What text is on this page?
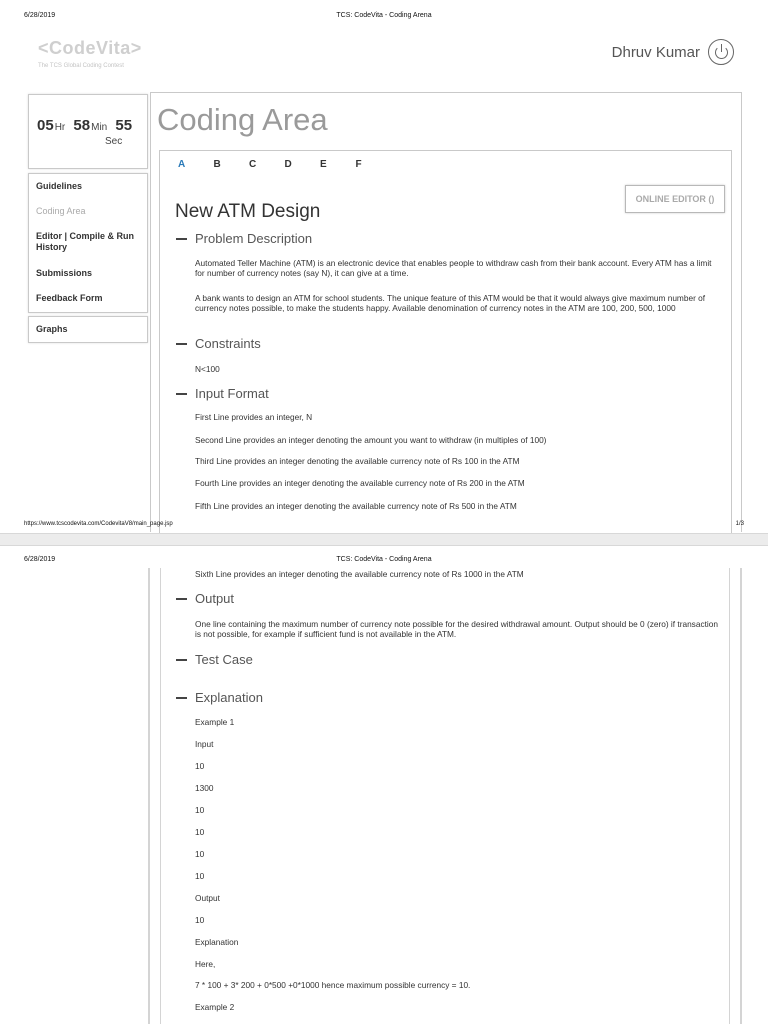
6/28/2019	TCS: CodeVita - Coding Arena
<CodeVita>
The TCS Global Coding Contest
Dhruv Kumar
05Hr 58Min 55
Sec
Guidelines
Coding Area
Editor | Compile & Run History
Submissions
Feedback Form
Graphs
Coding Area
A	B	C	D	E	F
ONLINE EDITOR ()
New ATM Design
Problem Description
Automated Teller Machine (ATM) is an electronic device that enables people to withdraw cash from their bank account. Every ATM has a limit for number of currency notes (say N), it can give at a time.
A bank wants to design an ATM for school students. The unique feature of this ATM would be that it would always give maximum number of currency notes possible, to make the students happy. Available denomination of currency notes in the ATM are 100, 200, 500, 1000
Constraints
N<100
Input Format
First Line provides an integer, N
Second Line provides an integer denoting the amount you want to withdraw (in multiples of 100)
Third Line provides an integer denoting the available currency note of Rs 100 in the ATM
Fourth Line provides an integer denoting the available currency note of Rs 200 in the ATM
Fifth Line provides an integer denoting the available currency note of Rs 500 in the ATM
https://www.tcscodevita.com/CodevitaV8/main_page.jsp	1/3
6/28/2019	TCS: CodeVita - Coding Arena
Sixth Line provides an integer denoting the available currency note of Rs 1000 in the ATM
Output
One line containing the maximum number of currency note possible for the desired withdrawal amount. Output should be 0 (zero) if transaction is not possible, for example if sufficient fund is not available in the ATM.
Test Case
Explanation
Example 1
Input
10
1300
10
10
10
10
Output
10
Explanation
Here,
7 * 100 + 3* 200 + 0*500 +0*1000 hence maximum possible currency = 10.
Example 2
